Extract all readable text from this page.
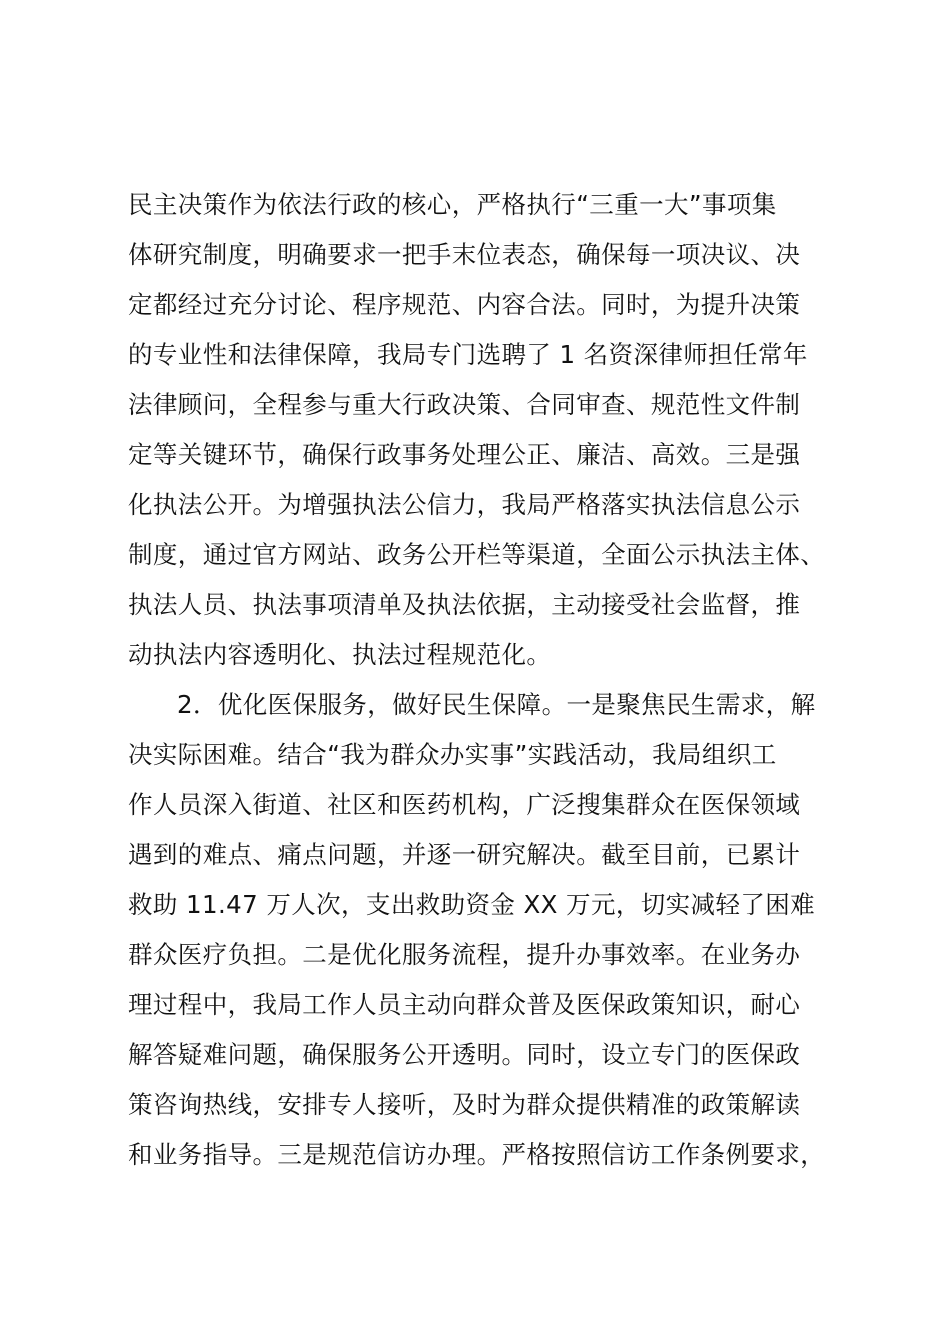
民主决策作为依法行政的核心，严格执行“三重一大”事项集
体研究制度，明确要求一把手末位表态，确保每一项决议、决
定都经过充分讨论、程序规范、内容合法。同时，为提升决策
的专业性和法律保障，我局专门选聘了 1 名资深律师担任常年
法律顾问，全程参与重大行政决策、合同审查、规范性文件制
定等关键环节，确保行政事务处理公正、廉洁、高效。三是强
化执法公开。为增强执法公信力，我局严格落实执法信息公示
制度，通过官方网站、政务公开栏等渠道，全面公示执法主体、
执法人员、执法事项清单及执法依据，主动接受社会监督，推
动执法内容透明化、执法过程规范化。
2．优化医保服务，做好民生保障。一是聚焦民生需求，解
决实际困难。结合“我为群众办实事”实践活动，我局组织工
作人员深入街道、社区和医药机构，广泛搜集群众在医保领域
遇到的难点、痛点问题，并逐一研究解决。截至目前，已累计
救助 11.47 万人次，支出救助资金 XX 万元，切实减轻了困难
群众医疗负担。二是优化服务流程，提升办事效率。在业务办
理过程中，我局工作人员主动向群众普及医保政策知识，耐心
解答疑难问题，确保服务公开透明。同时，设立专门的医保政
策咨询热线，安排专人接听，及时为群众提供精准的政策解读
和业务指导。三是规范信访办理。严格按照信访工作条例要求，
